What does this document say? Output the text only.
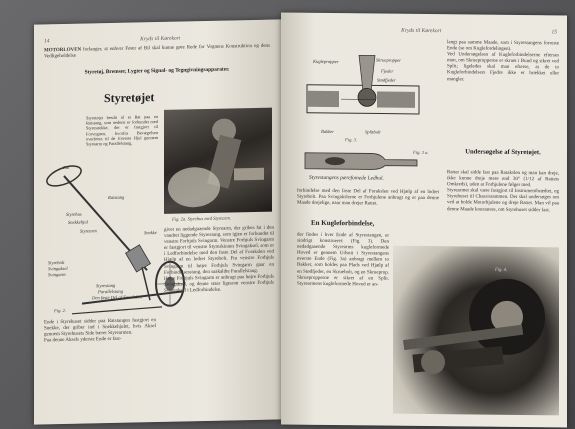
14	Kryds til Kørekort
MOTORLOVEN forlanger, at enhver Fører af Bil skal kunne gøre Rede for Vognens Konstruktion og dens Vedligeholdelse
Styretøj, Bremser, Lygter og Signal- og Tegngivningsapparater.
Styretøjet
Styretøjet består af et Rat paa en Ratstang, som nederst er forbundet med Styresnekke, der er fastgjort til Forvognen, hvorfra Bevægelsen overføres til de forreste Hjul gennem Styrearm og Parallelstang.
Rat
Ratstang
Styrehus
Snekkehjul
Styrearm	Snekke
Styrebolt
Svingaksel
Svingarm
Styrestang
Parallelstang
Den faste Del af Forakslen
Fig. 2.
Fig. 2a. Styrehus med Styrearm.
givet en nedadgaaende Styrearm, der gribes fat i den vandret liggende Styrestang, som igjen er forbundet til venstre Forhjuls Svingarm. Venstre Forhjuls Svingarm er fastgjort til venstre Styreskinnes Svingaksel, som er i Ledforbindelse med den faste Del af Forakslen ved Hjælp af en lodret Styrebolt. Fra venstre Forhjuls Svingarm til højre Forhjuls Svingarm gaar en Forbindelsesstang, den saakaldte Parallelstang.
Højre Forhjuls Svingarm er anbragt paa højre Forhjuls Svingaksel, og denne staar ligesom venstre Forhjuls Svingaksel i Ledforbindelse.
Ende i Styrehuset sidder paa Ratstangen fastgjort en Snekke, der griber ind i Snekkehjulet, hvis Aksel gennem Styrehusets Side bærer Styrearmen.
Paa denne Aksels yderste Ende er fast-
Kryds til Kørekort	15
Kuglepropper	Skruepropper
Fjeder
Stødfjeder
Bakker	Splitbolt
Fig. 3.
Fig. 3 a.
Styrestangens pærefomede Ledhul.
langt paa samme Maade, som i Styrestangens forreste Ende (se om Kuglefordelingen).
Ved Undersøgelsen af Kugleforbindelserne efterses man, om Skruepropperne er skruet i Bund og sikret ved Split; ligeledes skal man efterse, at de to Kugleforbindelsers Fjedre ikke er brækket eller mangler.
Undersøgelse af Styretøjet.
Rattet skal sidde fast paa Ratakslen og man kan dreje, ikke kunne dreje mere end 30° (1/12 af Rattets Omkreds), uden at Forhjulene følger med.
Styrearmet skal være fastgjort til Instrumentbrædtet, og Styrehuset til Chassisrammen. Det skal undersøges om ved at holde Motorhjulene og dreje Rattet. Man vil paa denne Maade konstatere, om Styrehuset sidder fast.
forbindelse med den faste Del af Forakslen ved Hjælp af en lodret Styrebolt. Paa Svingakslerne er Forhjulene anbragt og er paa denne Maade drejelige, naar man drejer Rattet.
En Kugleforbindelse,
der findes i hver Ende af Styrestangen, er sindrigt konstrueret: (Fig. 3). Den nedadgaaende Styrearms kugleformede Hoved er gennem Udsnit i Styrestangens øverste Ende (Fig. 3a) anbragt mellem to Bakker, som holdes paa Plads ved Hjælp af en Stødfjeder, en Skruebolt, og en Skrueprop. Skruepropperne er sikret af en Split. Styrearmens kugleformede Hoved er an-
Fig. 4.
